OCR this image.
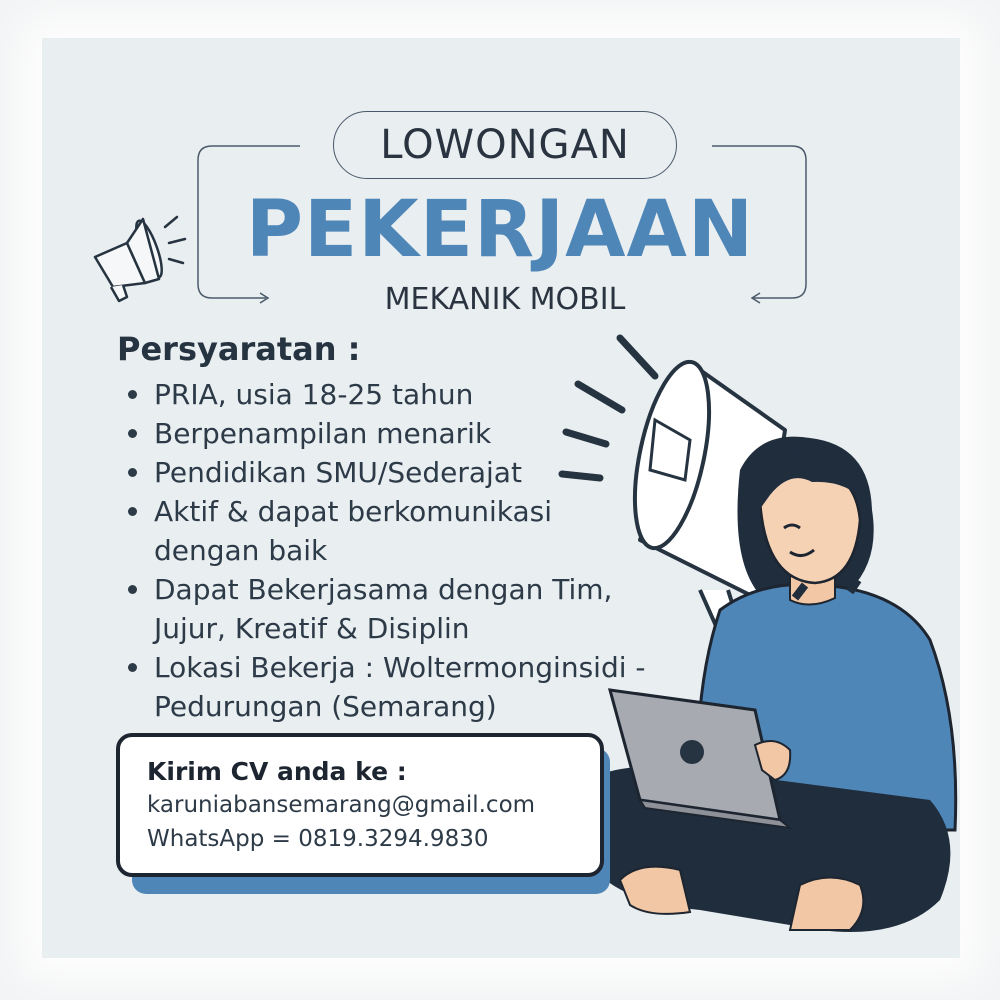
LOWONGAN
PEKERJAAN
MEKANIK MOBIL
Persyaratan :
PRIA, usia 18-25 tahun
Berpenampilan menarik
Pendidikan SMU/Sederajat
Aktif & dapat berkomunikasi dengan baik
Dapat Bekerjasama dengan Tim, Jujur, Kreatif & Disiplin
Lokasi Bekerja : Woltermonginsidi - Pedurungan (Semarang)
Kirim CV anda ke :
karuniabansemarang@gmail.com
WhatsApp = 0819.3294.9830
